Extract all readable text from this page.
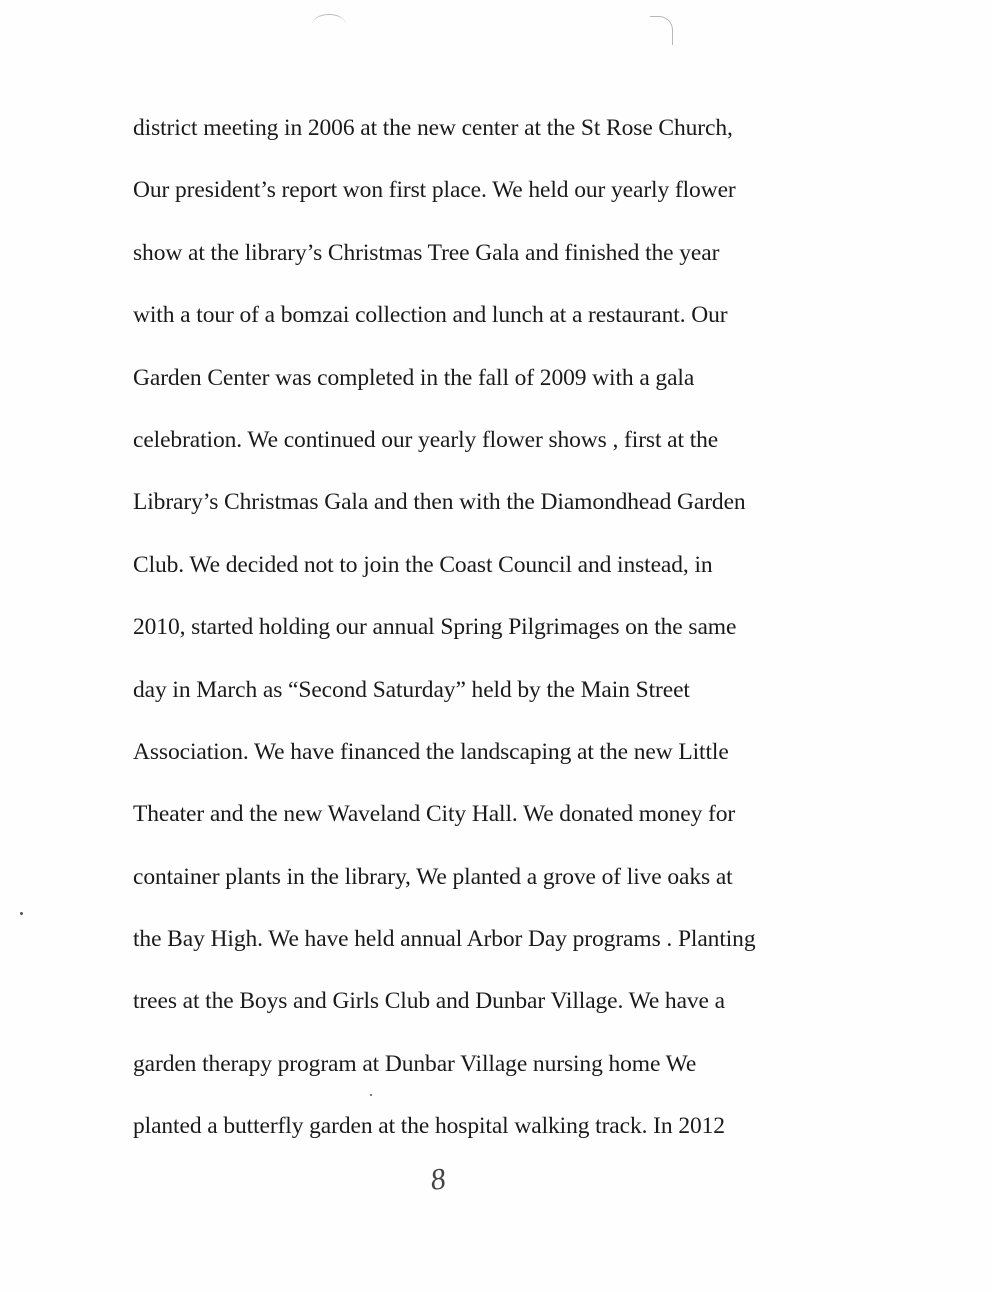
district meeting in 2006 at the new center at the St Rose Church,
Our president’s report won first place. We held our yearly flower
show at the library’s Christmas Tree Gala and finished the year
with a tour of a bomzai collection and lunch at a restaurant. Our
Garden Center was completed in the fall of 2009 with a gala
celebration. We continued our yearly flower shows , first at the
Library’s Christmas Gala and then with the Diamondhead Garden
Club. We decided not to join the Coast Council and instead, in
2010, started holding our annual Spring Pilgrimages on the same
day in March as “Second Saturday” held by the Main Street
Association. We have financed the landscaping at the new Little
Theater and the new Waveland City Hall. We donated money for
container plants in the library, We planted a grove of live oaks at
the Bay High. We have held annual Arbor Day programs . Planting
trees at the Boys and Girls Club and Dunbar Village. We have a
garden therapy program at Dunbar Village nursing home We
planted a butterfly garden at the hospital walking track. In 2012
8
